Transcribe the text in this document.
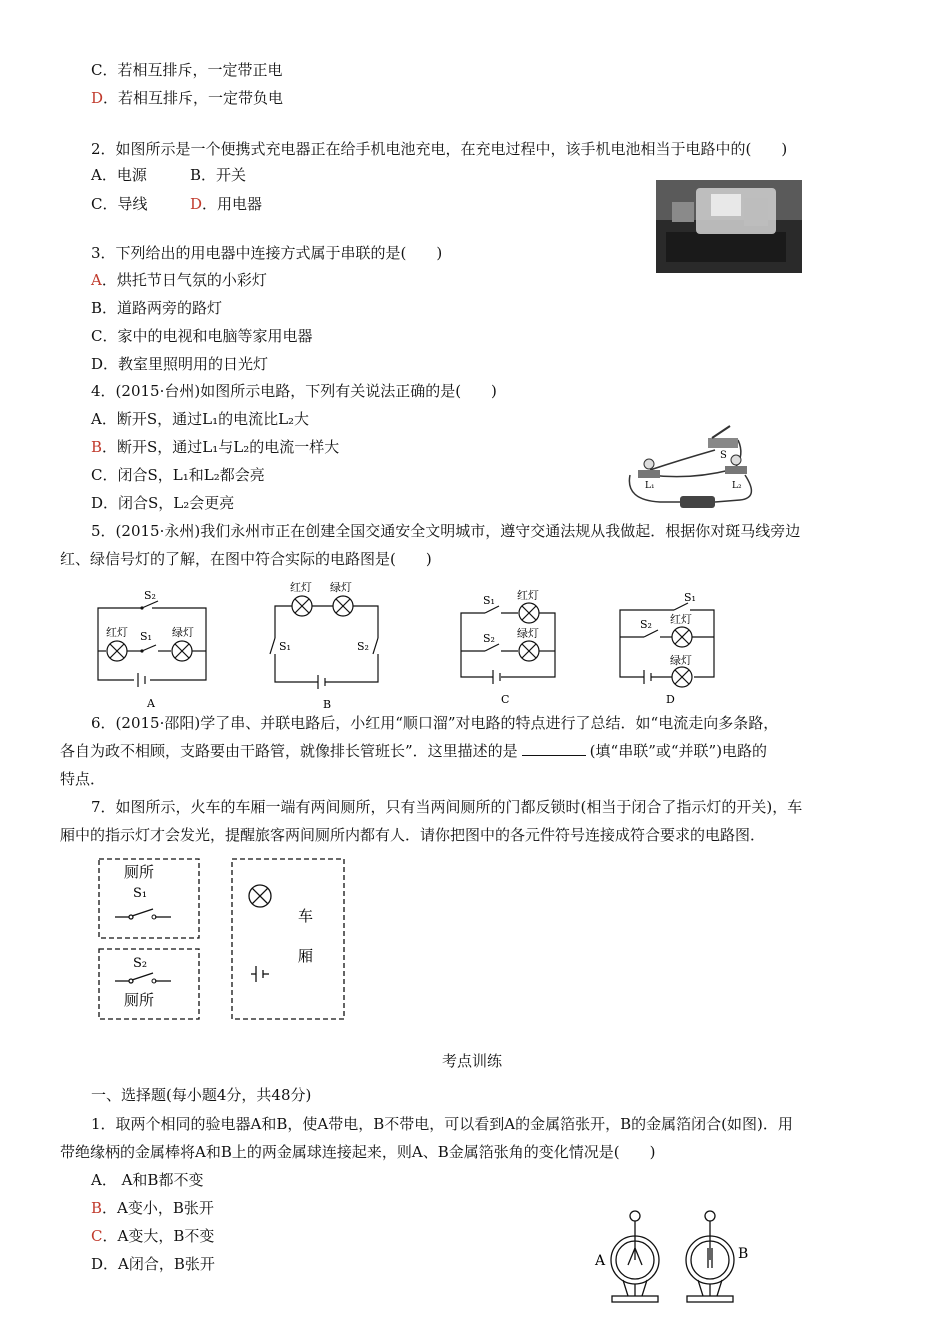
C．若相互排斥，一定带正电
D．若相互排斥，一定带负电
2．如图所示是一个便携式充电器正在给手机电池充电，在充电过程中，该手机电池相当于电路中的(　　)
A．电源	B．开关
C．导线	D．用电器
3．下列给出的用电器中连接方式属于串联的是(　　)
A．烘托节日气氛的小彩灯
B．道路两旁的路灯
C．家中的电视和电脑等家用电器
D．教室里照明用的日光灯
4．(2015·台州)如图所示电路，下列有关说法正确的是(　　)
A．断开S，通过L₁的电流比L₂大
B．断开S，通过L₁与L₂的电流一样大
C．闭合S，L₁和L₂都会亮
D．闭合S，L₂会更亮
S
L₁	L₂
5．(2015·永州)我们永州市正在创建全国交通安全文明城市，遵守交通法规从我做起．根据你对斑马线旁边
红、绿信号灯的了解，在图中符合实际的电路图是(　　)
S₂
红灯 S₁ 绿灯
A
红灯 绿灯
S₁	S₂
B
S₁ 红灯
S₂ 绿灯
C
S₁
S₂ 红灯
绿灯
D
6．(2015·邵阳)学了串、并联电路后，小红用“顺口溜”对电路的特点进行了总结．如“电流走向多条路，
各自为政不相顾，支路要由干路管，就像排长管班长”．这里描述的是	(填“串联”或“并联”)电路的
特点．
7．如图所示，火车的车厢一端有两间厕所，只有当两间厕所的门都反锁时(相当于闭合了指示灯的开关)，车
厢中的指示灯才会发光，提醒旅客两间厕所内都有人．请你把图中的各元件符号连接成符合要求的电路图．
厕所
S₁
S₂
厕所
车
厢
考点训练
一、选择题(每小题4分，共48分)
1．取两个相同的验电器A和B，使A带电，B不带电，可以看到A的金属箔张开，B的金属箔闭合(如图)．用
带绝缘柄的金属棒将A和B上的两金属球连接起来，则A、B金属箔张角的变化情况是(　　)
A． A和B都不变
B．A变小，B张开
C．A变大，B不变
D．A闭合，B张开	A	B
